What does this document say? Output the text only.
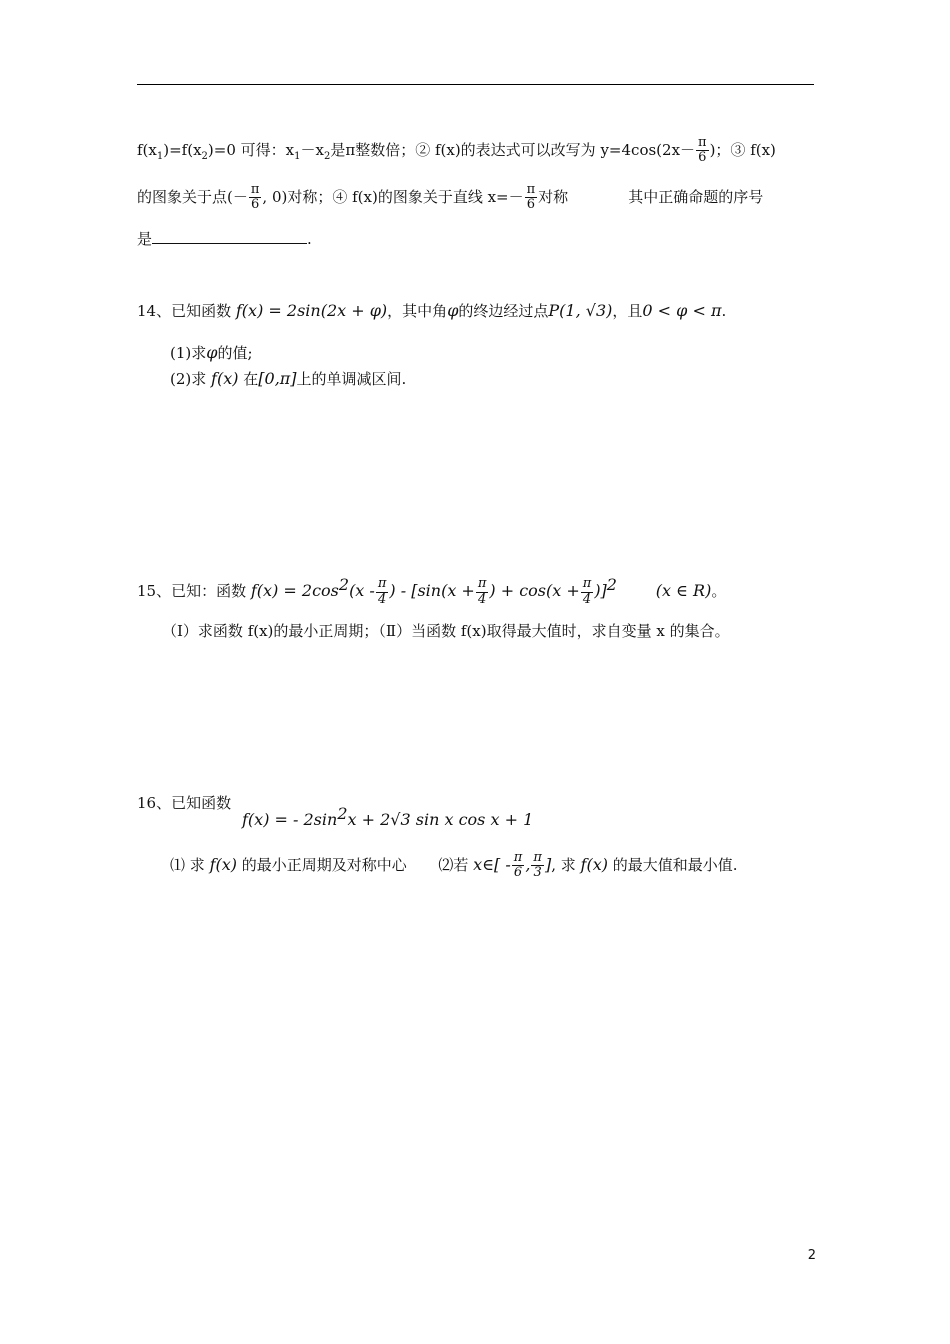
$f(x_1)=f(x_2)=0$ 可得：$x_1-x_2$是π整数倍；② f(x)的表达式可以改写为 $y=4\cos(2x- \frac{\pi}{6}$ )；③ f(x)
的图象关于点(－ $\frac{\pi}{6}$ , 0)对称；④ f(x)的图象关于直线 $x=- \frac{\pi}{6}$ 对称	其中正确命题的序号
是	.
14、已知函数 f(x) = 2sin(2x + φ)，其中角φ的终边经过点P(1, √3)，且0 < φ < π.
(1)求φ的值;
(2)求 f(x) 在[0,π]上的单调减区间.
15、已知：函数 $f(x) = 2\cos^2(x - \frac{\pi}{4}$ ) - [$\sin(x + \frac{\pi}{4}$ ) + $\cos(x + \frac{\pi}{4} )]^2$ (x ∈ R)。
（Ⅰ）求函数 f(x)的最小正周期；（Ⅱ）当函数 f(x)取得最大值时，求自变量 x 的集合。
16、已知函数
f(x) = - $2\sin^2x + 2√3$ sin x cos x + 1
⑴ 求 f(x) 的最小正周期及对称中心 ⑵若 x∈[ - $\frac{\pi}{6}$ , $\frac{\pi}{3}$ ], 求 f(x) 的最大值和最小值.
2
